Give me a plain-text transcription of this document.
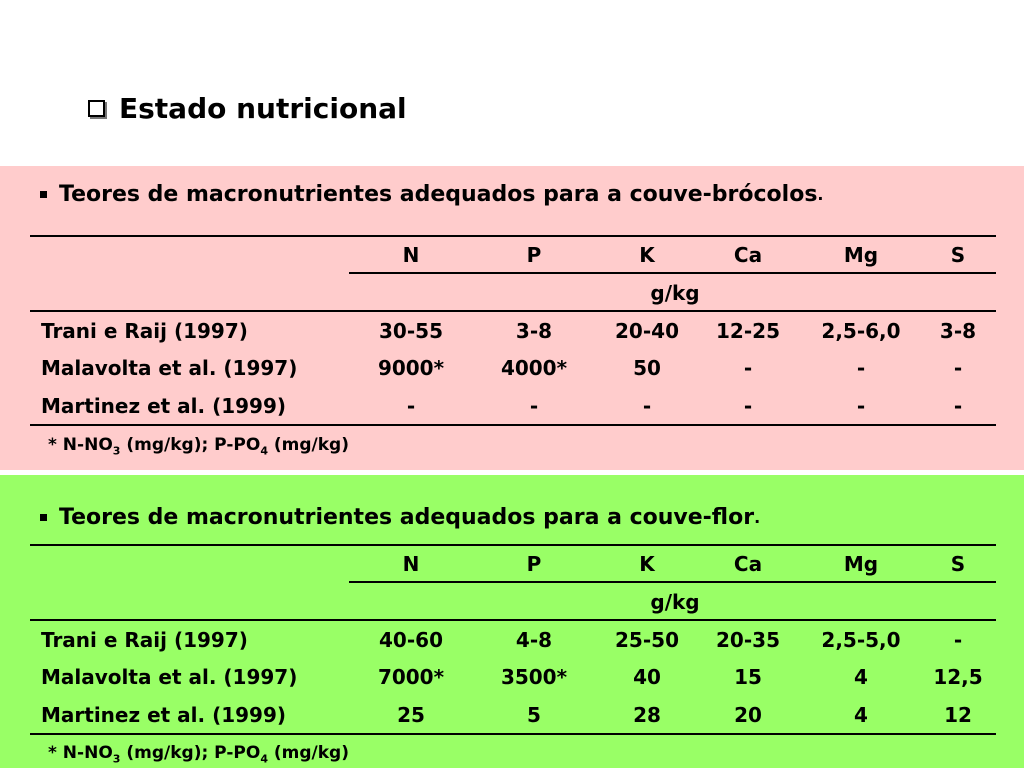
Estado nutricional
Teores de macronutrientes adequados para a couve-brócolos .
N	P	K	Ca	Mg	S
g/kg
Trani e Raij (1997)	30-55	3-8	20-40	12-25	2,5-6,0	3-8
Malavolta et al. (1997)	9000*	4000*	50	-	-	-
Martinez et al. (1999)	-	-	-	-	-	-
* $N-NO_3$ (mg/kg); $P-PO_4$ (mg/kg)
Teores de macronutrientes adequados para a couve-flor .
N	P	K	Ca	Mg	S
g/kg
Trani e Raij (1997)	40-60	4-8	25-50	20-35	2,5-5,0	-
Malavolta et al. (1997)	7000*	3500*	40	15	4	12,5
Martinez et al. (1999)	25	5	28	20	4	12
* $N-NO_3$ (mg/kg); $P-PO_4$ (mg/kg)
